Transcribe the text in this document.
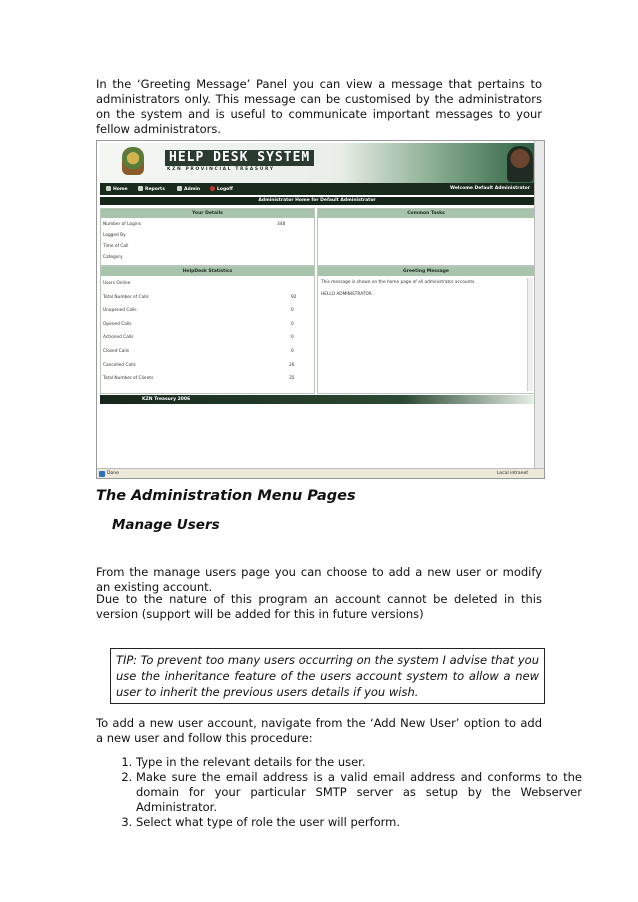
In the ‘Greeting Message’ Panel you can view a message that pertains to administrators only. This message can be customised by the administrators on the system and is useful to communicate important messages to your fellow administrators.

HELP DESK SYSTEM
KZN PROVINCIAL TREASURY
Home	Reports	Admin	Logoff	Welcome Default Administrator
Administrator Home for Default Administrator
Your Details
Number of Logins	348
Logged By
Time of Call
Category
Common Tasks
HelpDesk Statistics
Users Online
Total Number of Calls	92
Unopened Calls	0
Opened Calls	0
Actioned Calls	0
Closed Calls	0
Cancelled Calls	26
Total Number of Clients	35
Greeting Message
This message is shown on the home page of all administrator accounts.
HELLO ADMINISTRATOR
KZN Treasury 2006
Done	Local intranet
The Administration Menu Pages
Manage Users

From the manage users page you can choose to add a new user or modify an existing account.

Due to the nature of this program an account cannot be deleted in this version (support will be added for this in future versions)

TIP: To prevent too many users occurring on the system I advise that you use the inheritance feature of the users account system to allow a new user to inherit the previous users details if you wish.

To add a new user account, navigate from the ‘Add New User’ option to add a new user and follow this procedure:

1. Type in the relevant details for the user.
2. Make sure the email address is a valid email address and conforms to the domain for your particular SMTP server as setup by the Webserver Administrator.
3. Select what type of role the user will perform.
